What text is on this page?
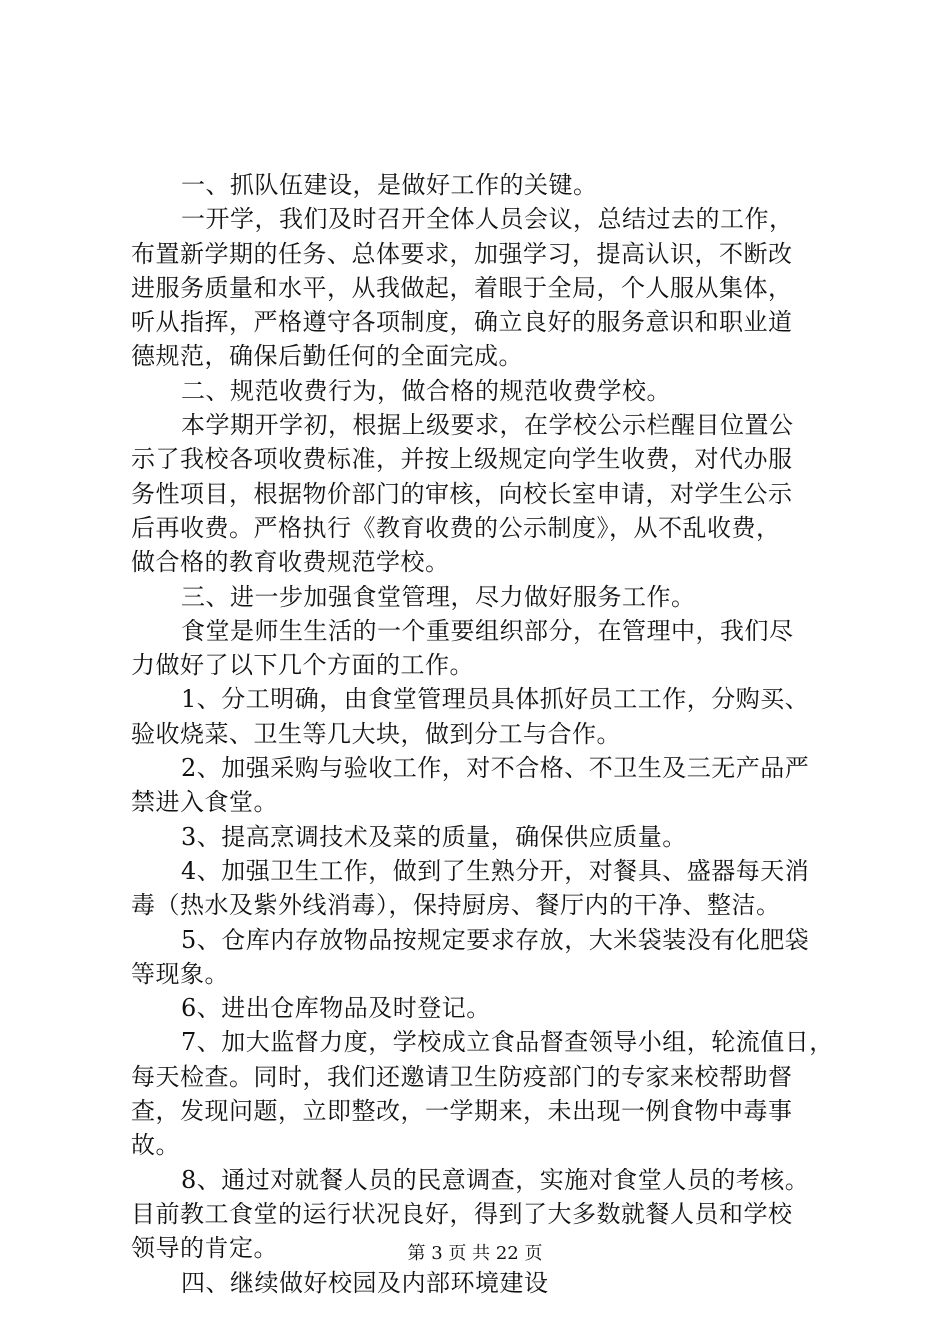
一、抓队伍建设，是做好工作的关键。
一开学，我们及时召开全体人员会议，总结过去的工作，
布置新学期的任务、总体要求，加强学习，提高认识，不断改
进服务质量和水平，从我做起，着眼于全局，个人服从集体，
听从指挥，严格遵守各项制度，确立良好的服务意识和职业道
德规范，确保后勤任何的全面完成。
二、规范收费行为，做合格的规范收费学校。
本学期开学初，根据上级要求，在学校公示栏醒目位置公
示了我校各项收费标准，并按上级规定向学生收费，对代办服
务性项目，根据物价部门的审核，向校长室申请，对学生公示
后再收费。严格执行《教育收费的公示制度》，从不乱收费，
做合格的教育收费规范学校。
三、进一步加强食堂管理，尽力做好服务工作。
食堂是师生生活的一个重要组织部分，在管理中，我们尽
力做好了以下几个方面的工作。
1、分工明确，由食堂管理员具体抓好员工工作，分购买、
验收烧菜、卫生等几大块，做到分工与合作。
2、加强采购与验收工作，对不合格、不卫生及三无产品严
禁进入食堂。
3、提高烹调技术及菜的质量，确保供应质量。
4、加强卫生工作，做到了生熟分开，对餐具、盛器每天消
毒（热水及紫外线消毒），保持厨房、餐厅内的干净、整洁。
5、仓库内存放物品按规定要求存放，大米袋装没有化肥袋
等现象。
6、进出仓库物品及时登记。
7、加大监督力度，学校成立食品督查领导小组，轮流值日，
每天检查。同时，我们还邀请卫生防疫部门的专家来校帮助督
查，发现问题，立即整改，一学期来，未出现一例食物中毒事
故。
8、通过对就餐人员的民意调查，实施对食堂人员的考核。
目前教工食堂的运行状况良好，得到了大多数就餐人员和学校
领导的肯定。
四、继续做好校园及内部环境建设
第 3 页 共 22 页
